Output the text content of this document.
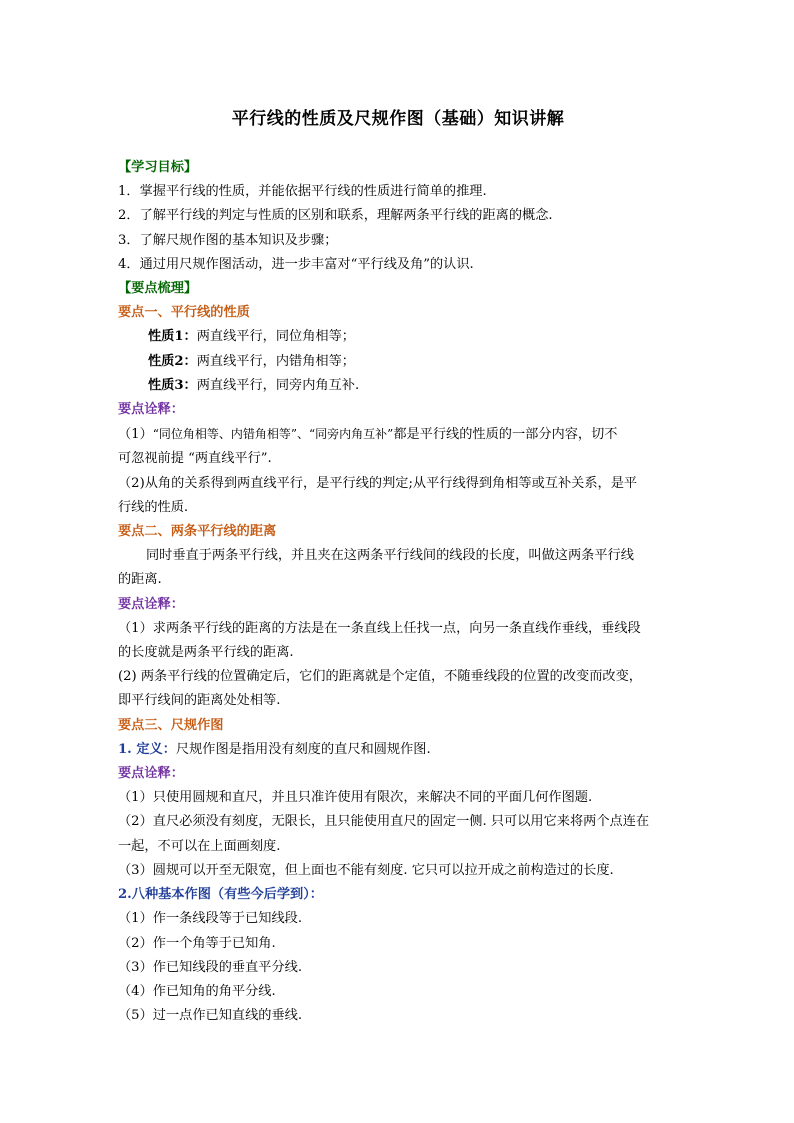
平行线的性质及尺规作图（基础）知识讲解
【学习目标】
1．掌握平行线的性质，并能依据平行线的性质进行简单的推理.
2．了解平行线的判定与性质的区别和联系，理解两条平行线的距离的概念.
3．了解尺规作图的基本知识及步骤；
4．通过用尺规作图活动，进一步丰富对“平行线及角”的认识.
【要点梳理】
要点一、平行线的性质
性质1：两直线平行，同位角相等；
性质2：两直线平行，内错角相等；
性质3：两直线平行，同旁内角互补.
要点诠释：
（1）“同位角相等、内错角相等”、“同旁内角互补”都是平行线的性质的一部分内容，切不
可忽视前提 “两直线平行”.
（2)从角的关系得到两直线平行，是平行线的判定;从平行线得到角相等或互补关系，是平
行线的性质.
要点二、两条平行线的距离
同时垂直于两条平行线，并且夹在这两条平行线间的线段的长度，叫做这两条平行线
的距离.
要点诠释：
（1）求两条平行线的距离的方法是在一条直线上任找一点，向另一条直线作垂线，垂线段
的长度就是两条平行线的距离.
(2) 两条平行线的位置确定后，它们的距离就是个定值，不随垂线段的位置的改变而改变，
即平行线间的距离处处相等.
要点三、尺规作图
1. 定义：尺规作图是指用没有刻度的直尺和圆规作图.
要点诠释：
（1）只使用圆规和直尺，并且只准许使用有限次，来解决不同的平面几何作图题.
（2）直尺必须没有刻度，无限长，且只能使用直尺的固定一侧. 只可以用它来将两个点连在
一起，不可以在上面画刻度.
（3）圆规可以开至无限宽，但上面也不能有刻度. 它只可以拉开成之前构造过的长度.
2.八种基本作图（有些今后学到）：
（1）作一条线段等于已知线段.
（2）作一个角等于已知角.
（3）作已知线段的垂直平分线.
（4）作已知角的角平分线.
（5）过一点作已知直线的垂线.
